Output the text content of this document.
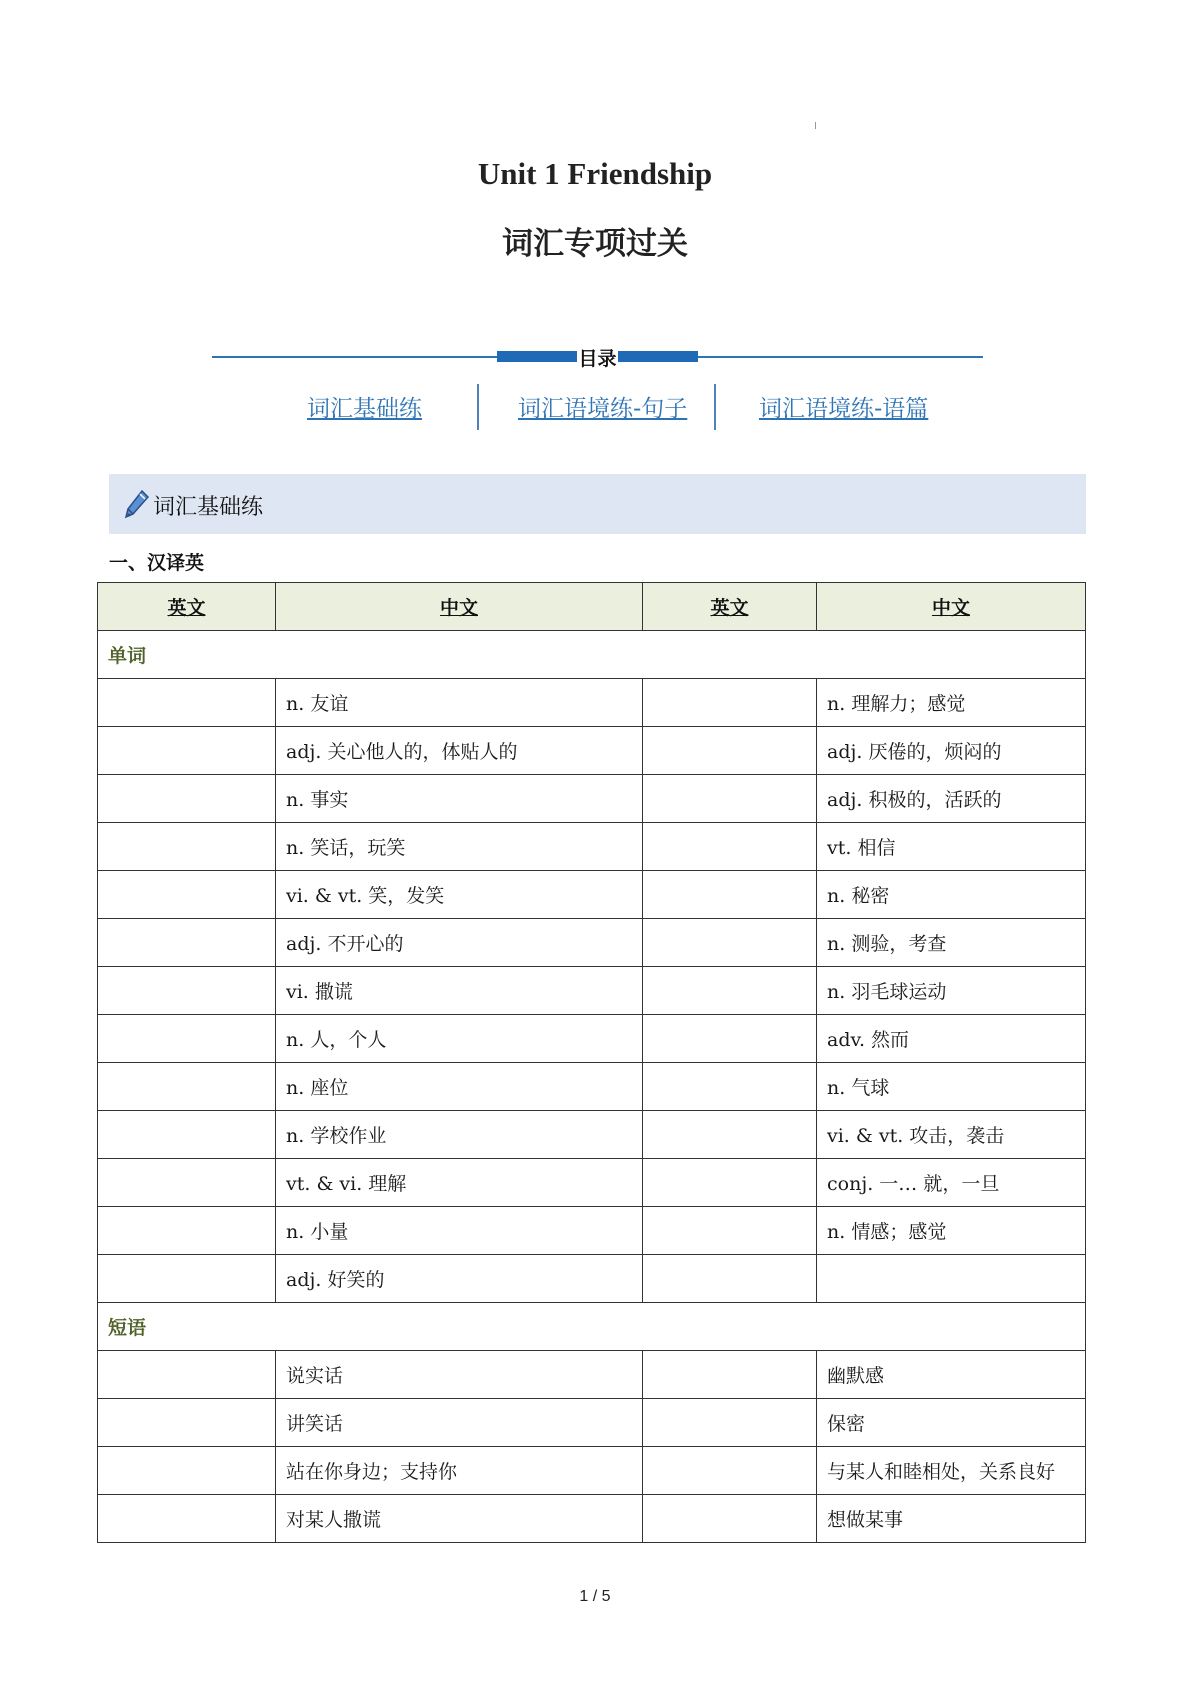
Unit 1 Friendship
词汇专项过关
目录
词汇基础练	词汇语境练-句子	词汇语境练-语篇
词汇基础练
一、汉译英
英文	中文	英文	中文
单词			
	n. 友谊		n. 理解力；感觉
	adj. 关心他人的，体贴人的		adj. 厌倦的，烦闷的
	n. 事实		adj. 积极的，活跃的
	n. 笑话，玩笑		vt. 相信
	vi. & vt. 笑，发笑		n. 秘密
	adj. 不开心的		n. 测验，考查
	vi. 撒谎		n. 羽毛球运动
	n. 人，个人		adv. 然而
	n. 座位		n. 气球
	n. 学校作业		vi. & vt. 攻击，袭击
	vt. & vi. 理解		conj. 一… 就，一旦
	n. 小量		n. 情感；感觉
	adj. 好笑的		
短语			
	说实话		幽默感
	讲笑话		保密
	站在你身边；支持你		与某人和睦相处，关系良好
	对某人撒谎		想做某事
1 / 5
